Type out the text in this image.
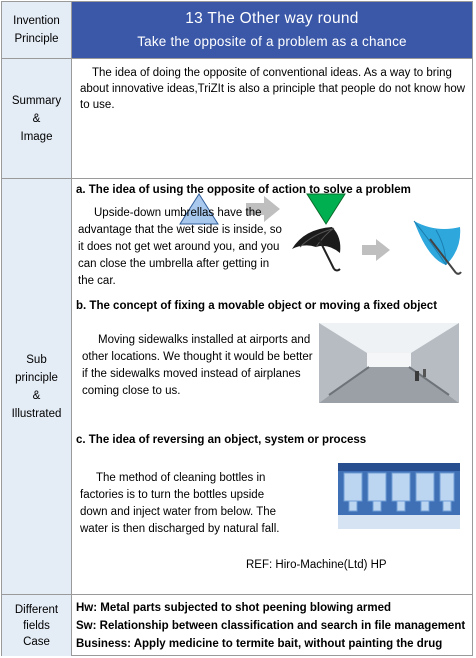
Invention
Principle
13 The Other way round
Take the opposite of a problem as a chance
Summary
&
Image
The idea of doing the opposite of conventional ideas. As a way to bring about innovative ideas,TriZIt is also a principle that people do not know how to use.
Sub
principle
&
Illustrated
a. The idea of using the opposite of action to solve a problem
Upside-down umbrellas have the advantage that the wet side is inside, so it does not get wet around you, and you can close the umbrella after getting in the car.
b. The concept of fixing a movable object or moving a fixed object
Moving sidewalks installed at airports and other locations. We thought it would be better if the sidewalks moved instead of airplanes coming close to us.
c. The idea of reversing an object, system or process
The method of cleaning bottles in factories is to turn the bottles upside down and inject water from below. The water is then discharged by natural fall.
REF: Hiro-Machine(Ltd) HP
Different
fields
Case
Hw: Metal parts subjected to shot peening blowing armed
Sw: Relationship between classification and search in file management
Business: Apply medicine to termite bait, without painting the drug
